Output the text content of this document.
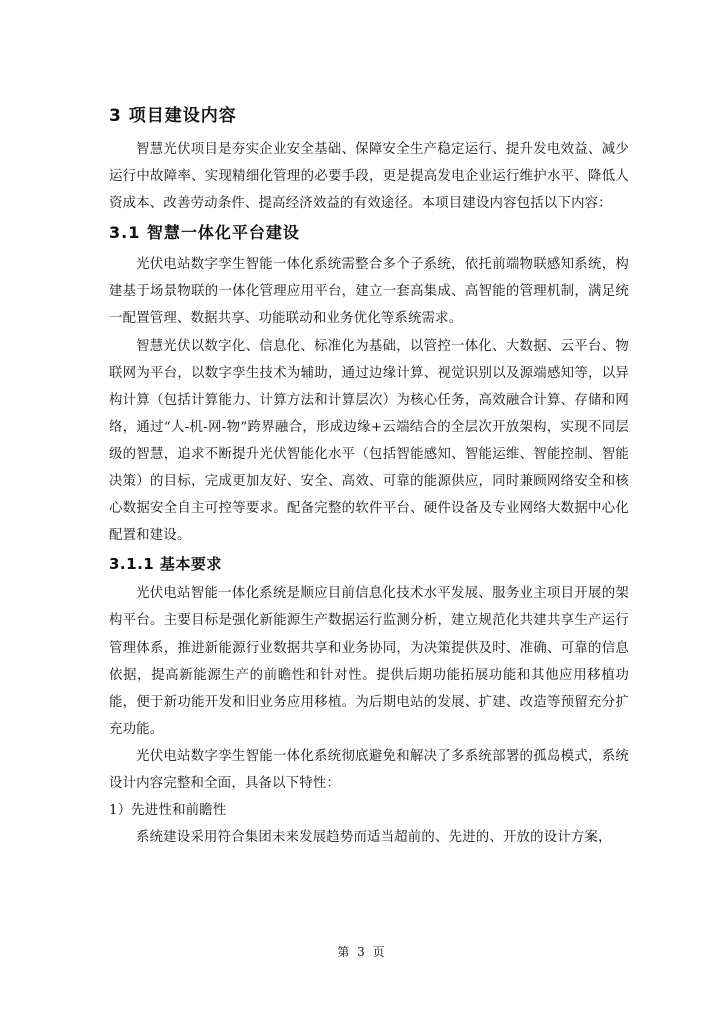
3 项目建设内容

智慧光伏项目是夯实企业安全基础、保障安全生产稳定运行、提升发电效益、减少运行中故障率、实现精细化管理的必要手段，更是提高发电企业运行维护水平、降低人资成本、改善劳动条件、提高经济效益的有效途径。本项目建设内容包括以下内容：

3.1 智慧一体化平台建设

光伏电站数字孪生智能一体化系统需整合多个子系统，依托前端物联感知系统，构建基于场景物联的一体化管理应用平台，建立一套高集成、高智能的管理机制，满足统一配置管理、数据共享、功能联动和业务优化等系统需求。

智慧光伏以数字化、信息化、标准化为基础，以管控一体化、大数据、云平台、物联网为平台，以数字孪生技术为辅助，通过边缘计算、视觉识别以及源端感知等，以异构计算（包括计算能力、计算方法和计算层次）为核心任务，高效融合计算、存储和网络，通过“人-机-网-物”跨界融合，形成边缘+云端结合的全层次开放架构，实现不同层级的智慧，追求不断提升光伏智能化水平（包括智能感知、智能运维、智能控制、智能决策）的目标，完成更加友好、安全、高效、可靠的能源供应，同时兼顾网络安全和核心数据安全自主可控等要求。配备完整的软件平台、硬件设备及专业网络大数据中心化配置和建设。

3.1.1 基本要求

光伏电站智能一体化系统是顺应目前信息化技术水平发展、服务业主项目开展的架构平台。主要目标是强化新能源生产数据运行监测分析，建立规范化共建共享生产运行管理体系，推进新能源行业数据共享和业务协同，为决策提供及时、准确、可靠的信息依据，提高新能源生产的前瞻性和针对性。提供后期功能拓展功能和其他应用移植功能，便于新功能开发和旧业务应用移植。为后期电站的发展、扩建、改造等预留充分扩充功能。

光伏电站数字孪生智能一体化系统彻底避免和解决了多系统部署的孤岛模式，系统设计内容完整和全面，具备以下特性：

1）先进性和前瞻性

系统建设采用符合集团未来发展趋势而适当超前的、先进的、开放的设计方案，

第 3 页
